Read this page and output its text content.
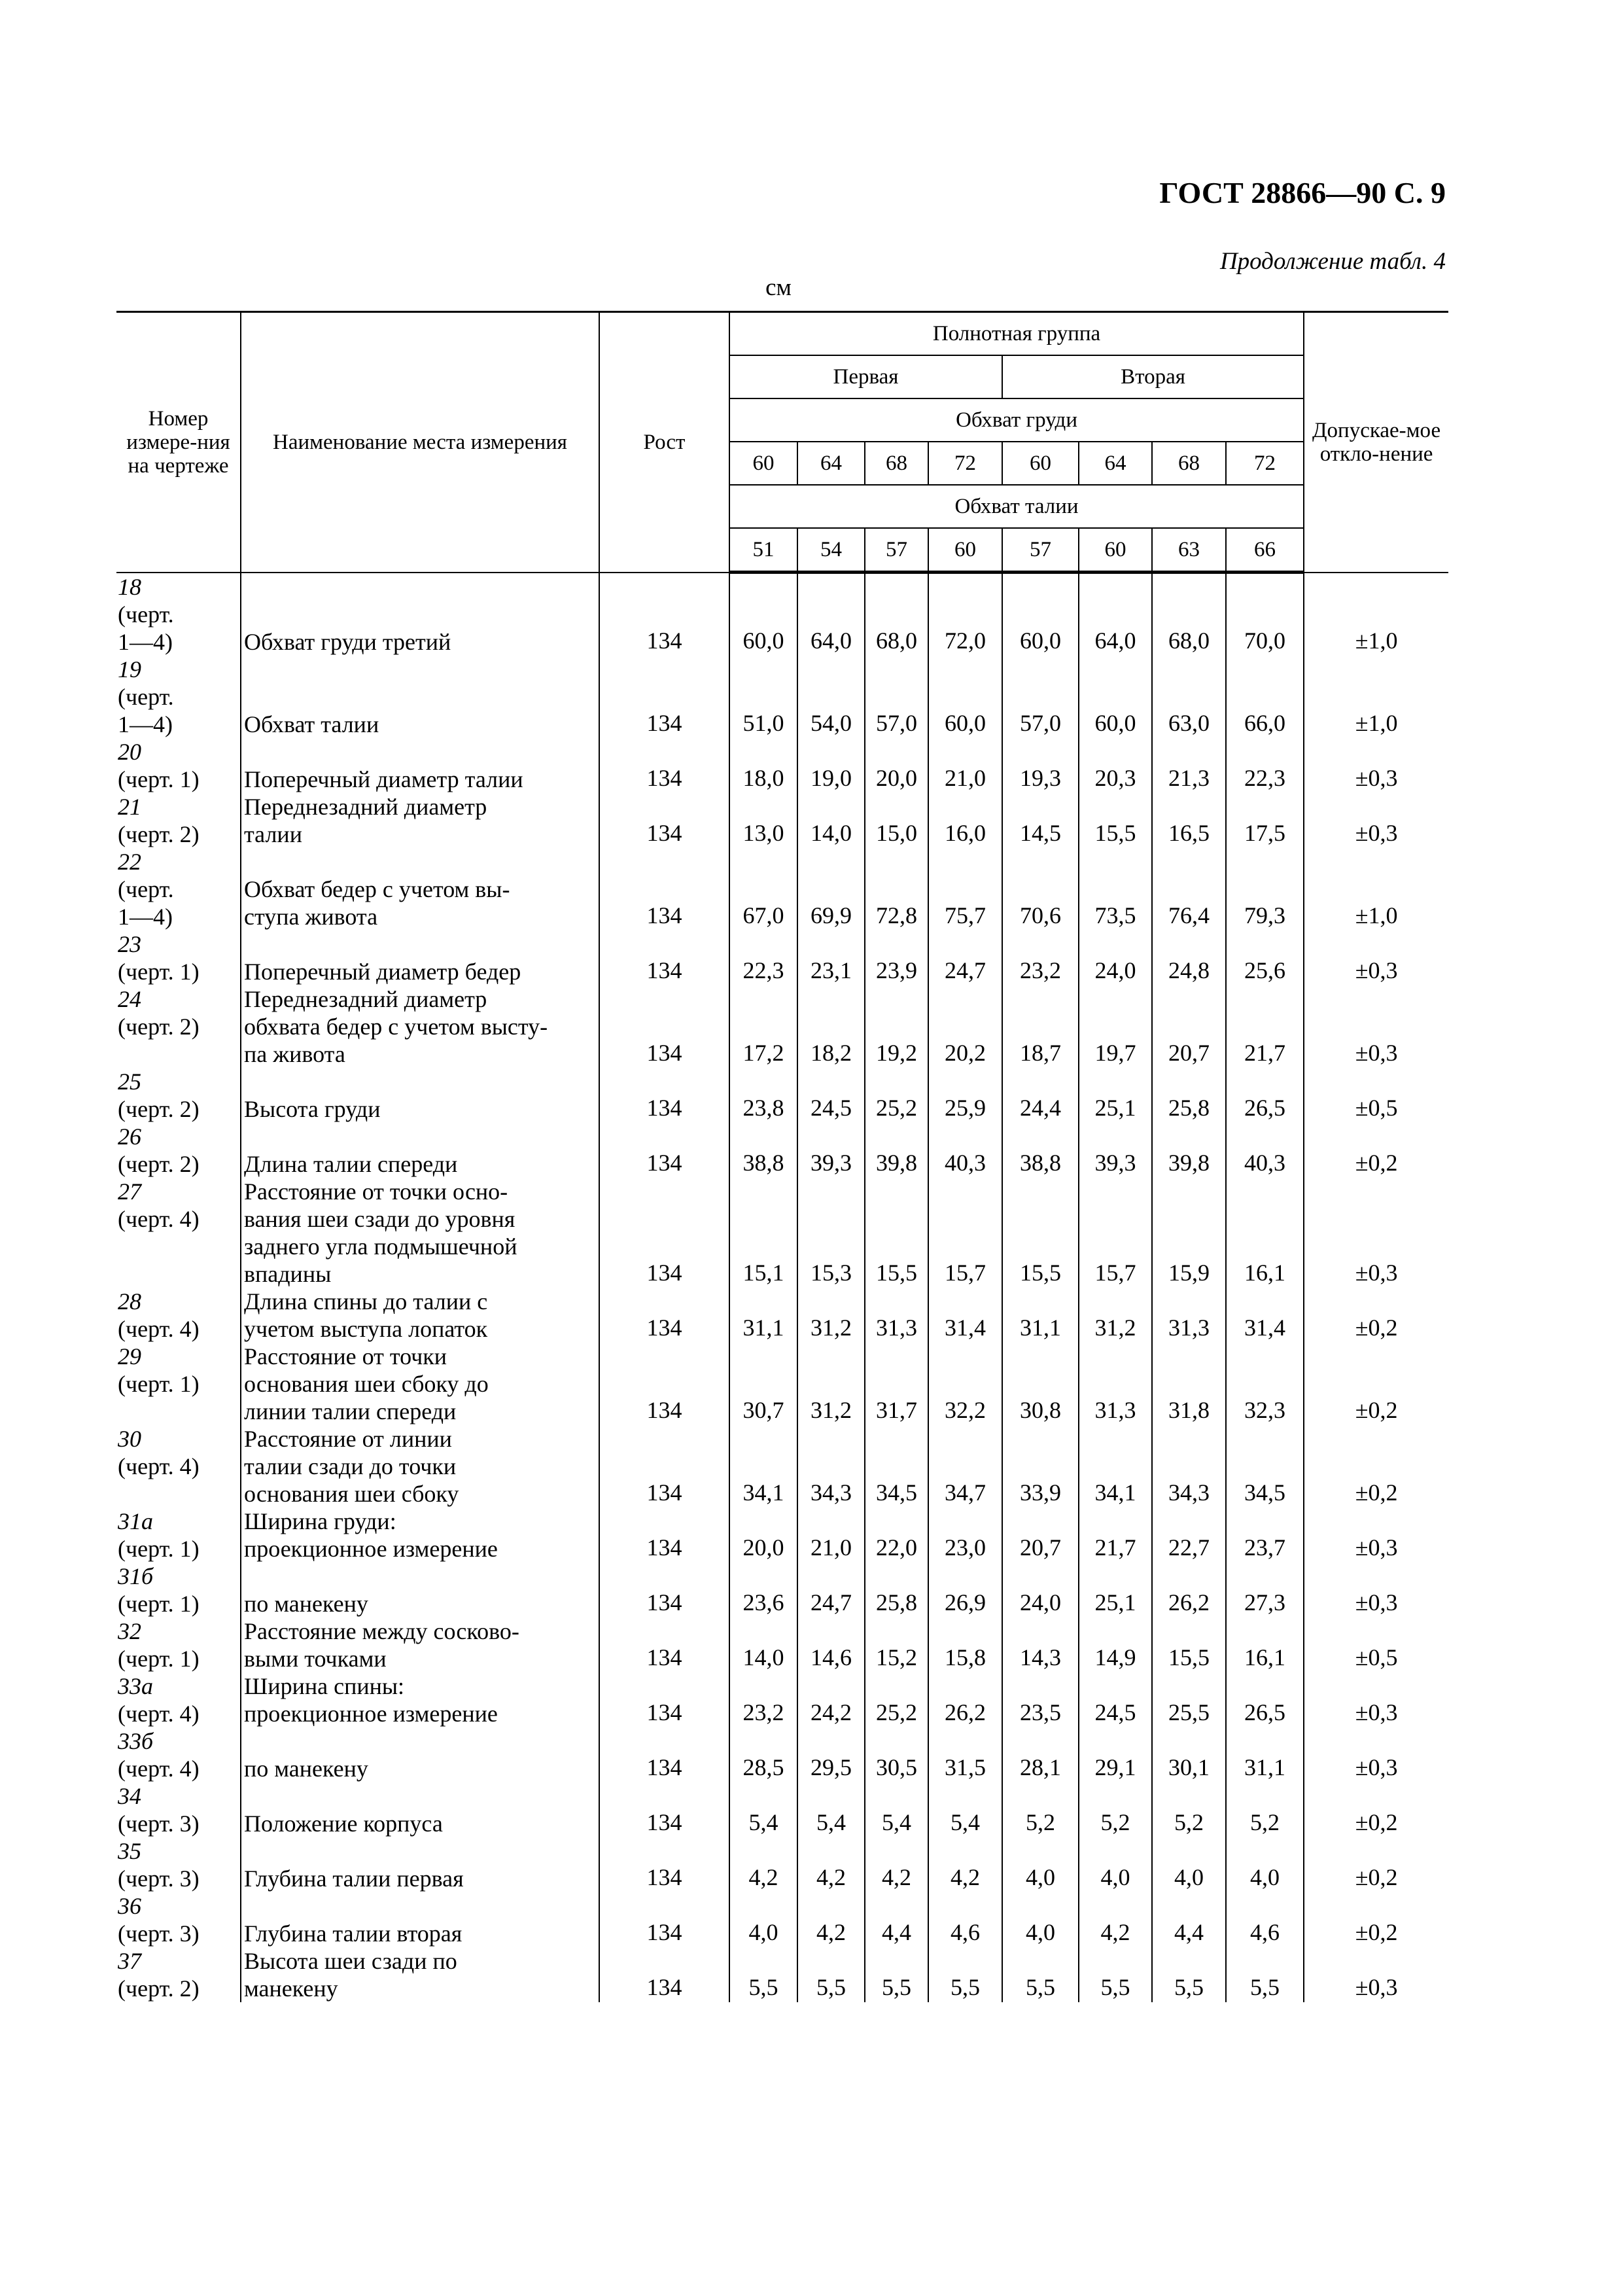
ГОСТ 28866—90 С. 9
Продолжение табл. 4
см
Номер измере-ния на чертеже	Наименование места измерения	Рост	Полнотная группа								Допускае-мое откло-нение
			Первая				Вторая				
			Обхват груди								
			60	64	68	72	60	64	68	72	
			Обхват талии								
			51	54	57	60	57	60	63	66	
18
(черт.
1—4)	Обхват груди третий	134	60,0	64,0	68,0	72,0	60,0	64,0	68,0	70,0	±1,0
19
(черт.
1—4)	Обхват талии	134	51,0	54,0	57,0	60,0	57,0	60,0	63,0	66,0	±1,0
20
(черт. 1)	Поперечный диаметр талии	134	18,0	19,0	20,0	21,0	19,3	20,3	21,3	22,3	±0,3
21
(черт. 2)	Переднезадний диаметр
талии	134	13,0	14,0	15,0	16,0	14,5	15,5	16,5	17,5	±0,3
22
(черт.
1—4)	Обхват бедер с учетом вы-
ступа живота	134	67,0	69,9	72,8	75,7	70,6	73,5	76,4	79,3	±1,0
23
(черт. 1)	Поперечный диаметр бедер	134	22,3	23,1	23,9	24,7	23,2	24,0	24,8	25,6	±0,3
24
(черт. 2)	Переднезадний диаметр
обхвата бедер с учетом высту-
па живота	134	17,2	18,2	19,2	20,2	18,7	19,7	20,7	21,7	±0,3
25
(черт. 2)	Высота груди	134	23,8	24,5	25,2	25,9	24,4	25,1	25,8	26,5	±0,5
26
(черт. 2)	Длина талии спереди	134	38,8	39,3	39,8	40,3	38,8	39,3	39,8	40,3	±0,2
27
(черт. 4)	Расстояние от точки осно-
вания шеи сзади до уровня
заднего угла подмышечной
впадины	134	15,1	15,3	15,5	15,7	15,5	15,7	15,9	16,1	±0,3
28
(черт. 4)	Длина спины до талии с
учетом выступа лопаток	134	31,1	31,2	31,3	31,4	31,1	31,2	31,3	31,4	±0,2
29
(черт. 1)	Расстояние от точки
основания шеи сбоку до
линии талии спереди	134	30,7	31,2	31,7	32,2	30,8	31,3	31,8	32,3	±0,2
30
(черт. 4)	Расстояние от линии
талии сзади до точки
основания шеи сбоку	134	34,1	34,3	34,5	34,7	33,9	34,1	34,3	34,5	±0,2
31а
(черт. 1)	Ширина груди:
проекционное измерение	134	20,0	21,0	22,0	23,0	20,7	21,7	22,7	23,7	±0,3
31б
(черт. 1)	по манекену	134	23,6	24,7	25,8	26,9	24,0	25,1	26,2	27,3	±0,3
32
(черт. 1)	Расстояние между сосково-
выми точками	134	14,0	14,6	15,2	15,8	14,3	14,9	15,5	16,1	±0,5
33а
(черт. 4)	Ширина спины:
проекционное измерение	134	23,2	24,2	25,2	26,2	23,5	24,5	25,5	26,5	±0,3
33б
(черт. 4)	по манекену	134	28,5	29,5	30,5	31,5	28,1	29,1	30,1	31,1	±0,3
34
(черт. 3)	Положение корпуса	134	5,4	5,4	5,4	5,4	5,2	5,2	5,2	5,2	±0,2
35
(черт. 3)	Глубина талии первая	134	4,2	4,2	4,2	4,2	4,0	4,0	4,0	4,0	±0,2
36
(черт. 3)	Глубина талии вторая	134	4,0	4,2	4,4	4,6	4,0	4,2	4,4	4,6	±0,2
37
(черт. 2)	Высота шеи сзади по
манекену	134	5,5	5,5	5,5	5,5	5,5	5,5	5,5	5,5	±0,3
